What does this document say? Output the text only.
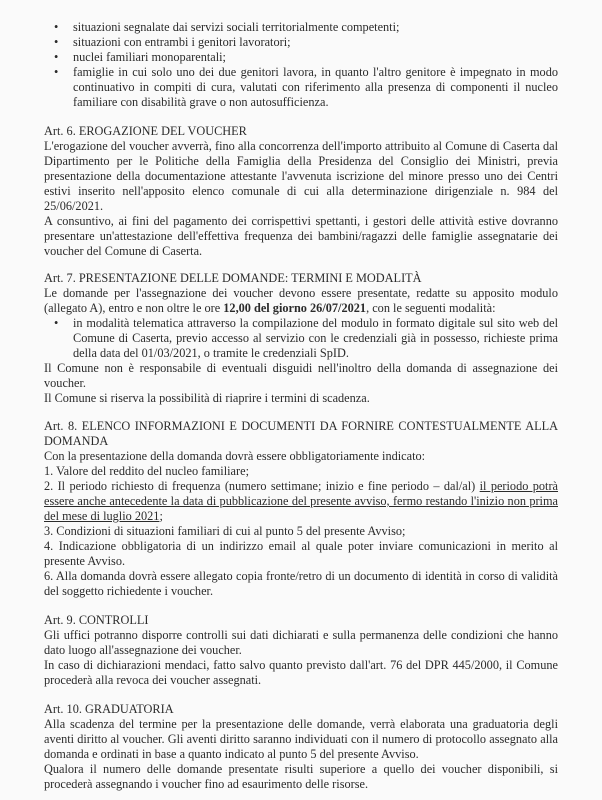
• situazioni segnalate dai servizi sociali territorialmente competenti;
• situazioni con entrambi i genitori lavoratori;
• nuclei familiari monoparentali;
• famiglie in cui solo uno dei due genitori lavora, in quanto l'altro genitore è impegnato in modo continuativo in compiti di cura, valutati con riferimento alla presenza di componenti il nucleo familiare con disabilità grave o non autosufficienza.
Art. 6. EROGAZIONE DEL VOUCHER

L'erogazione del voucher avverrà, fino alla concorrenza dell'importo attribuito al Comune di Caserta dal Dipartimento per le Politiche della Famiglia della Presidenza del Consiglio dei Ministri, previa presentazione della documentazione attestante l'avvenuta iscrizione del minore presso uno dei Centri estivi inserito nell'apposito elenco comunale di cui alla determinazione dirigenziale n. 984 del 25/06/2021.

A consuntivo, ai fini del pagamento dei corrispettivi spettanti, i gestori delle attività estive dovranno presentare un'attestazione dell'effettiva frequenza dei bambini/ragazzi delle famiglie assegnatarie dei voucher del Comune di Caserta.

Art. 7. PRESENTAZIONE DELLE DOMANDE: TERMINI E MODALITÀ

Le domande per l'assegnazione dei voucher devono essere presentate, redatte su apposito modulo (allegato A), entro e non oltre le ore 12,00 del giorno 26/07/2021, con le seguenti modalità:

• in modalità telematica attraverso la compilazione del modulo in formato digitale sul sito web del Comune di Caserta, previo accesso al servizio con le credenziali già in possesso, richieste prima della data del 01/03/2021, o tramite le credenziali SpID.

Il Comune non è responsabile di eventuali disguidi nell'inoltro della domanda di assegnazione dei voucher.

Il Comune si riserva la possibilità di riaprire i termini di scadenza.

Art. 8. ELENCO INFORMAZIONI E DOCUMENTI DA FORNIRE CONTESTUALMENTE ALLA DOMANDA

Con la presentazione della domanda dovrà essere obbligatoriamente indicato:

1. Valore del reddito del nucleo familiare;

2. Il periodo richiesto di frequenza (numero settimane; inizio e fine periodo – dal/al) il periodo potrà essere anche antecedente la data di pubblicazione del presente avviso, fermo restando l'inizio non prima del mese di luglio 2021;

3. Condizioni di situazioni familiari di cui al punto 5 del presente Avviso;

4. Indicazione obbligatoria di un indirizzo email al quale poter inviare comunicazioni in merito al presente Avviso.

6. Alla domanda dovrà essere allegato copia fronte/retro di un documento di identità in corso di validità del soggetto richiedente i voucher.

Art. 9. CONTROLLI

Gli uffici potranno disporre controlli sui dati dichiarati e sulla permanenza delle condizioni che hanno dato luogo all'assegnazione dei voucher.

In caso di dichiarazioni mendaci, fatto salvo quanto previsto dall'art. 76 del DPR 445/2000, il Comune procederà alla revoca dei voucher assegnati.

Art. 10. GRADUATORIA

Alla scadenza del termine per la presentazione delle domande, verrà elaborata una graduatoria degli aventi diritto al voucher. Gli aventi diritto saranno individuati con il numero di protocollo assegnato alla domanda e ordinati in base a quanto indicato al punto 5 del presente Avviso.

Qualora il numero delle domande presentate risulti superiore a quello dei voucher disponibili, si procederà assegnando i voucher fino ad esaurimento delle risorse.
